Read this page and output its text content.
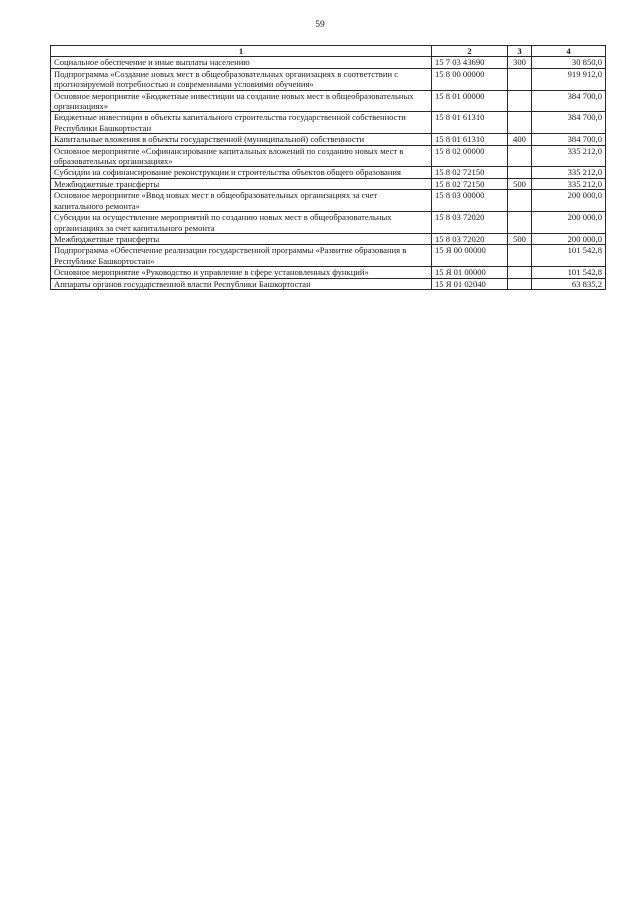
59
1	2	3	4
Социальное обеспечение и иные выплаты населению	15 7 03 43690	300	30 850,0
Подпрограмма «Создание новых мест в общеобразовательных организациях в соответствии с прогнозируемой потребностью и современными условиями обучения»	15 8 00 00000		919 912,0
Основное мероприятие «Бюджетные инвестиции на создание новых мест в общеобразовательных организациях»	15 8 01 00000		384 700,0
Бюджетные инвестиции в объекты капитального строительства государственной собственности Республики Башкортостан	15 8 01 61310		384 700,0
Капитальные вложения в объекты государственной (муниципальной) собственности	15 8 01 61310	400	384 700,0
Основное мероприятие «Софинансирование капитальных вложений по созданию новых мест в образовательных организациях»	15 8 02 00000		335 212,0
Субсидии на софинансирование реконструкции и строительства объектов общего образования	15 8 02 72150		335 212,0
Межбюджетные трансферты	15 8 02 72150	500	335 212,0
Основное мероприятие «Ввод новых мест в общеобразовательных организациях за счет капитального ремонта»	15 8 03 00000		200 000,0
Субсидии на осуществление мероприятий по созданию новых мест в общеобразовательных организациях за счет капитального ремонта	15 8 03 72020		200 000,0
Межбюджетные трансферты	15 8 03 72020	500	200 000,0
Подпрограмма «Обеспечение реализации государственной программы «Развитие образования в Республике Башкортостан»	15 Я 00 00000		101 542,8
Основное мероприятие «Руководство и управление в сфере установленных функций»	15 Я 01 00000		101 542,8
Аппараты органов государственной власти Республики Башкортостан	15 Я 01 02040		63 835,2
